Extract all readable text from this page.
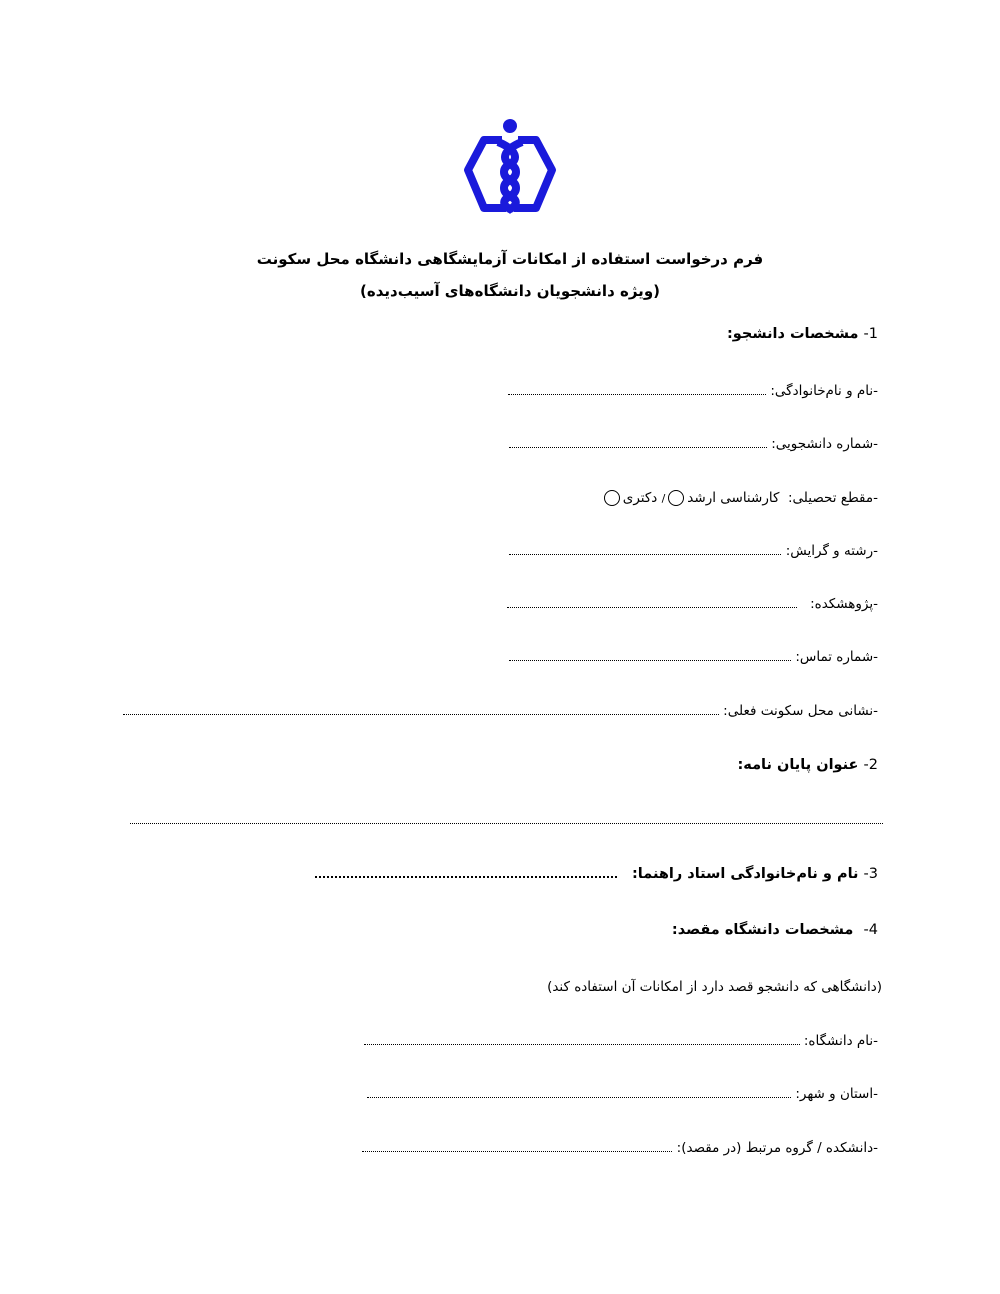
فرم درخواست استفاده از امکانات آزمایشگاهی دانشگاه محل سکونت
(ویژه دانشجویان دانشگاه‌های آسیب‌دیده)
1-

مشخصات دانشجو:
-نام و نام‌خانوادگی:

-شماره دانشجویی:

-مقطع تحصیلی:

کارشناسی ارشد
/

دکتری
-رشته و گرایش:

-پژوهشکده:

-شماره تماس:

-نشانی محل سکونت فعلی:

2-

عنوان پایان نامه:
3-

نام و نام‌خانوادگی استاد راهنما:

4-

مشخصات دانشگاه مقصد:
(دانشگاهی که دانشجو قصد دارد از امکانات آن استفاده کند)
-نام دانشگاه:

-استان و شهر:

-دانشکده / گروه مرتبط (در مقصد):
